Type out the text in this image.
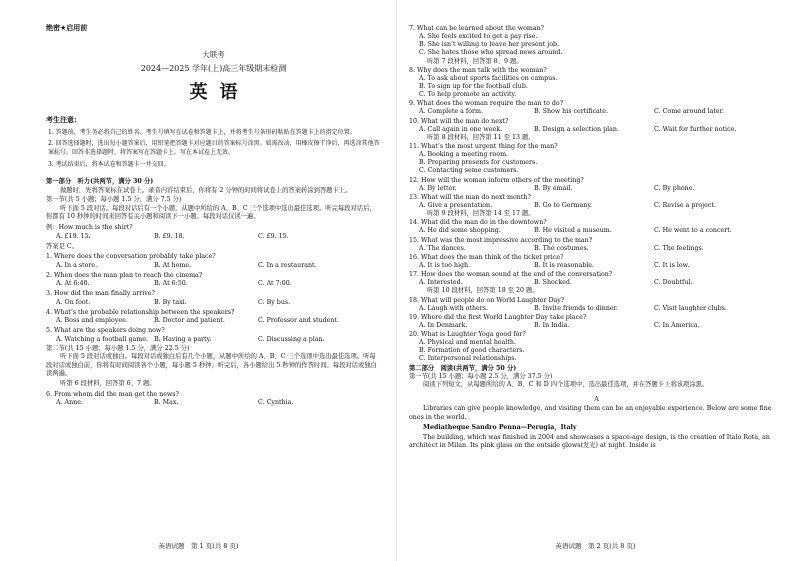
绝密★启用前
大联考
2024—2025 学年(上)高三年级期末检测
英语
考生注意:

1. 答题前，考生务必将自己的姓名、考生号填写在试卷和答题卡上，并将考生号条形码粘贴在答题卡上的指定位置。

2. 回答选择题时，选出每小题答案后，用铅笔把答题卡对应题目的答案标号涂黑。如需改动，用橡皮擦干净后，再选涂其他答案标号。回答非选择题时，将答案写在答题卡上。写在本试卷上无效。

3. 考试结束后，将本试卷和答题卡一并交回。

第一部分　听力(共两节，满分 30 分)
做题时，先将答案标在试卷上。录音内容结束后，你将有 2 分钟的时间将试卷上的答案转涂到答题卡上。
第一节(共 5 小题；每小题 1.5 分，满分 7.5 分)
听下面 5 段对话。每段对话后有一个小题，从题中所给的 A、B、C 三个选项中选出最佳选项。听完每段对话后，你都有 10 秒钟的时间来回答有关小题和阅读下一小题。每段对话仅读一遍。
例：How much is the shirt?
A. £19. 15.	B. £9. 18.	C. £9. 15.
答案是 C。
1. Where does the conversation probably take place?
A. In a store.	B. At home.	C. In a restaurant.
2. When does the man plan to reach the cinema?
A. At 6:40.	B. At 6:50.	C. At 7:00.
3. How did the man finally arrive?
A. On foot.	B. By taxi.	C. By bus.
4. What’s the probable relationship between the speakers?
A. Boss and employee.	B. Doctor and patient.	C. Professor and student.
5. What are the speakers doing now?
A. Watching a football game. B. Having a party.	C. Discussing a plan.
第二节(共 15 小题；每小题 1.5 分，满分 22.5 分)
听下面 5 段对话或独白。每段对话或独白后有几个小题，从题中所给的 A、B、C 三个选项中选出最佳选项。听每段对话或独白前，你将有时间阅读各个小题，每小题 5 秒钟；听完后，各小题给出 5 秒钟的作答时间。每段对话或独白读两遍。
听第 6 段材料，回答第 6、7 题。
6. From whom did the man get the news?
A. Anne.	B. Max.	C. Cynthia.
英语试题　第 1 页(共 8 页)
7. What can be learned about the woman?
A. She feels excited to get a pay rise.
B. She isn’t willing to leave her present job.
C. She hates those who spread news around.
听第 7 段材料，回答第 8、9 题。
8. Why does the man talk with the woman?
A. To ask about sports facilities on campus.
B. To sign up for the football club.
C. To help promote an activity.
9. What does the woman require the man to do?
A. Complete a form.	B. Show his certificate.	C. Come around later.
10. What will the man do next?
A. Call again in one week.	B. Design a selection plan.	C. Wait for further notice.
听第 8 段材料，回答第 11 至 13 题。
11. What’s the most urgent thing for the man?
A. Booking a meeting room.
B. Preparing presents for customers.
C. Contacting some customers.
12. How will the woman inform others of the meeting?
A. By letter.	B. By email.	C. By phone.
13. What will the man do next month?
A. Give a presentation.	B. Go to Germany.	C. Revise a project.
听第 9 段材料，回答第 14 至 17 题。
14. What did the man do in the downtown?
A. He did some shopping.	B. He visited a museum.	C. He went to a concert.
15. What was the most impressive according to the man?
A. The dances.	B. The costumes.	C. The feelings.
16. What does the man think of the ticket price?
A. It is too high.	B. It is reasonable.	C. It is low.
17. How does the woman sound at the end of the conversation?
A. Interested.	B. Shocked.	C. Doubtful.
听第 10 段材料，回答第 18 至 20 题。
18. What will people do on World Laughter Day?
A. Laugh with others.	B. Invite friends to dinner.	C. Visit laughter clubs.
19. Where did the first World Laughter Day take place?
A. In Denmark.	B. In India.	C. In America.
20. What is Laughter Yoga good for?
A. Physical and mental health.
B. Formation of good characters.
C. Interpersonal relationships.
第二部分　阅读(共两节，满分 50 分)
第一节(共 15 小题；每小题 2.5 分，满分 37.5 分)
阅读下列短文，从每题所给的 A、B、C 和 D 四个选项中，选出最佳选项，并在答题卡上将该项涂黑。
A
Libraries can give people knowledge, and visiting them can be an enjoyable experience. Below are some fine ones in the world.
Mediatheque Sandro Penna—Perugia，Italy
The building, which was finished in 2004 and showcases a space-age design, is the creation of Italo Rota, an architect in Milan. Its pink glass on the outside glows(发光) at night. Inside is
英语试题　第 2 页(共 8 页)
